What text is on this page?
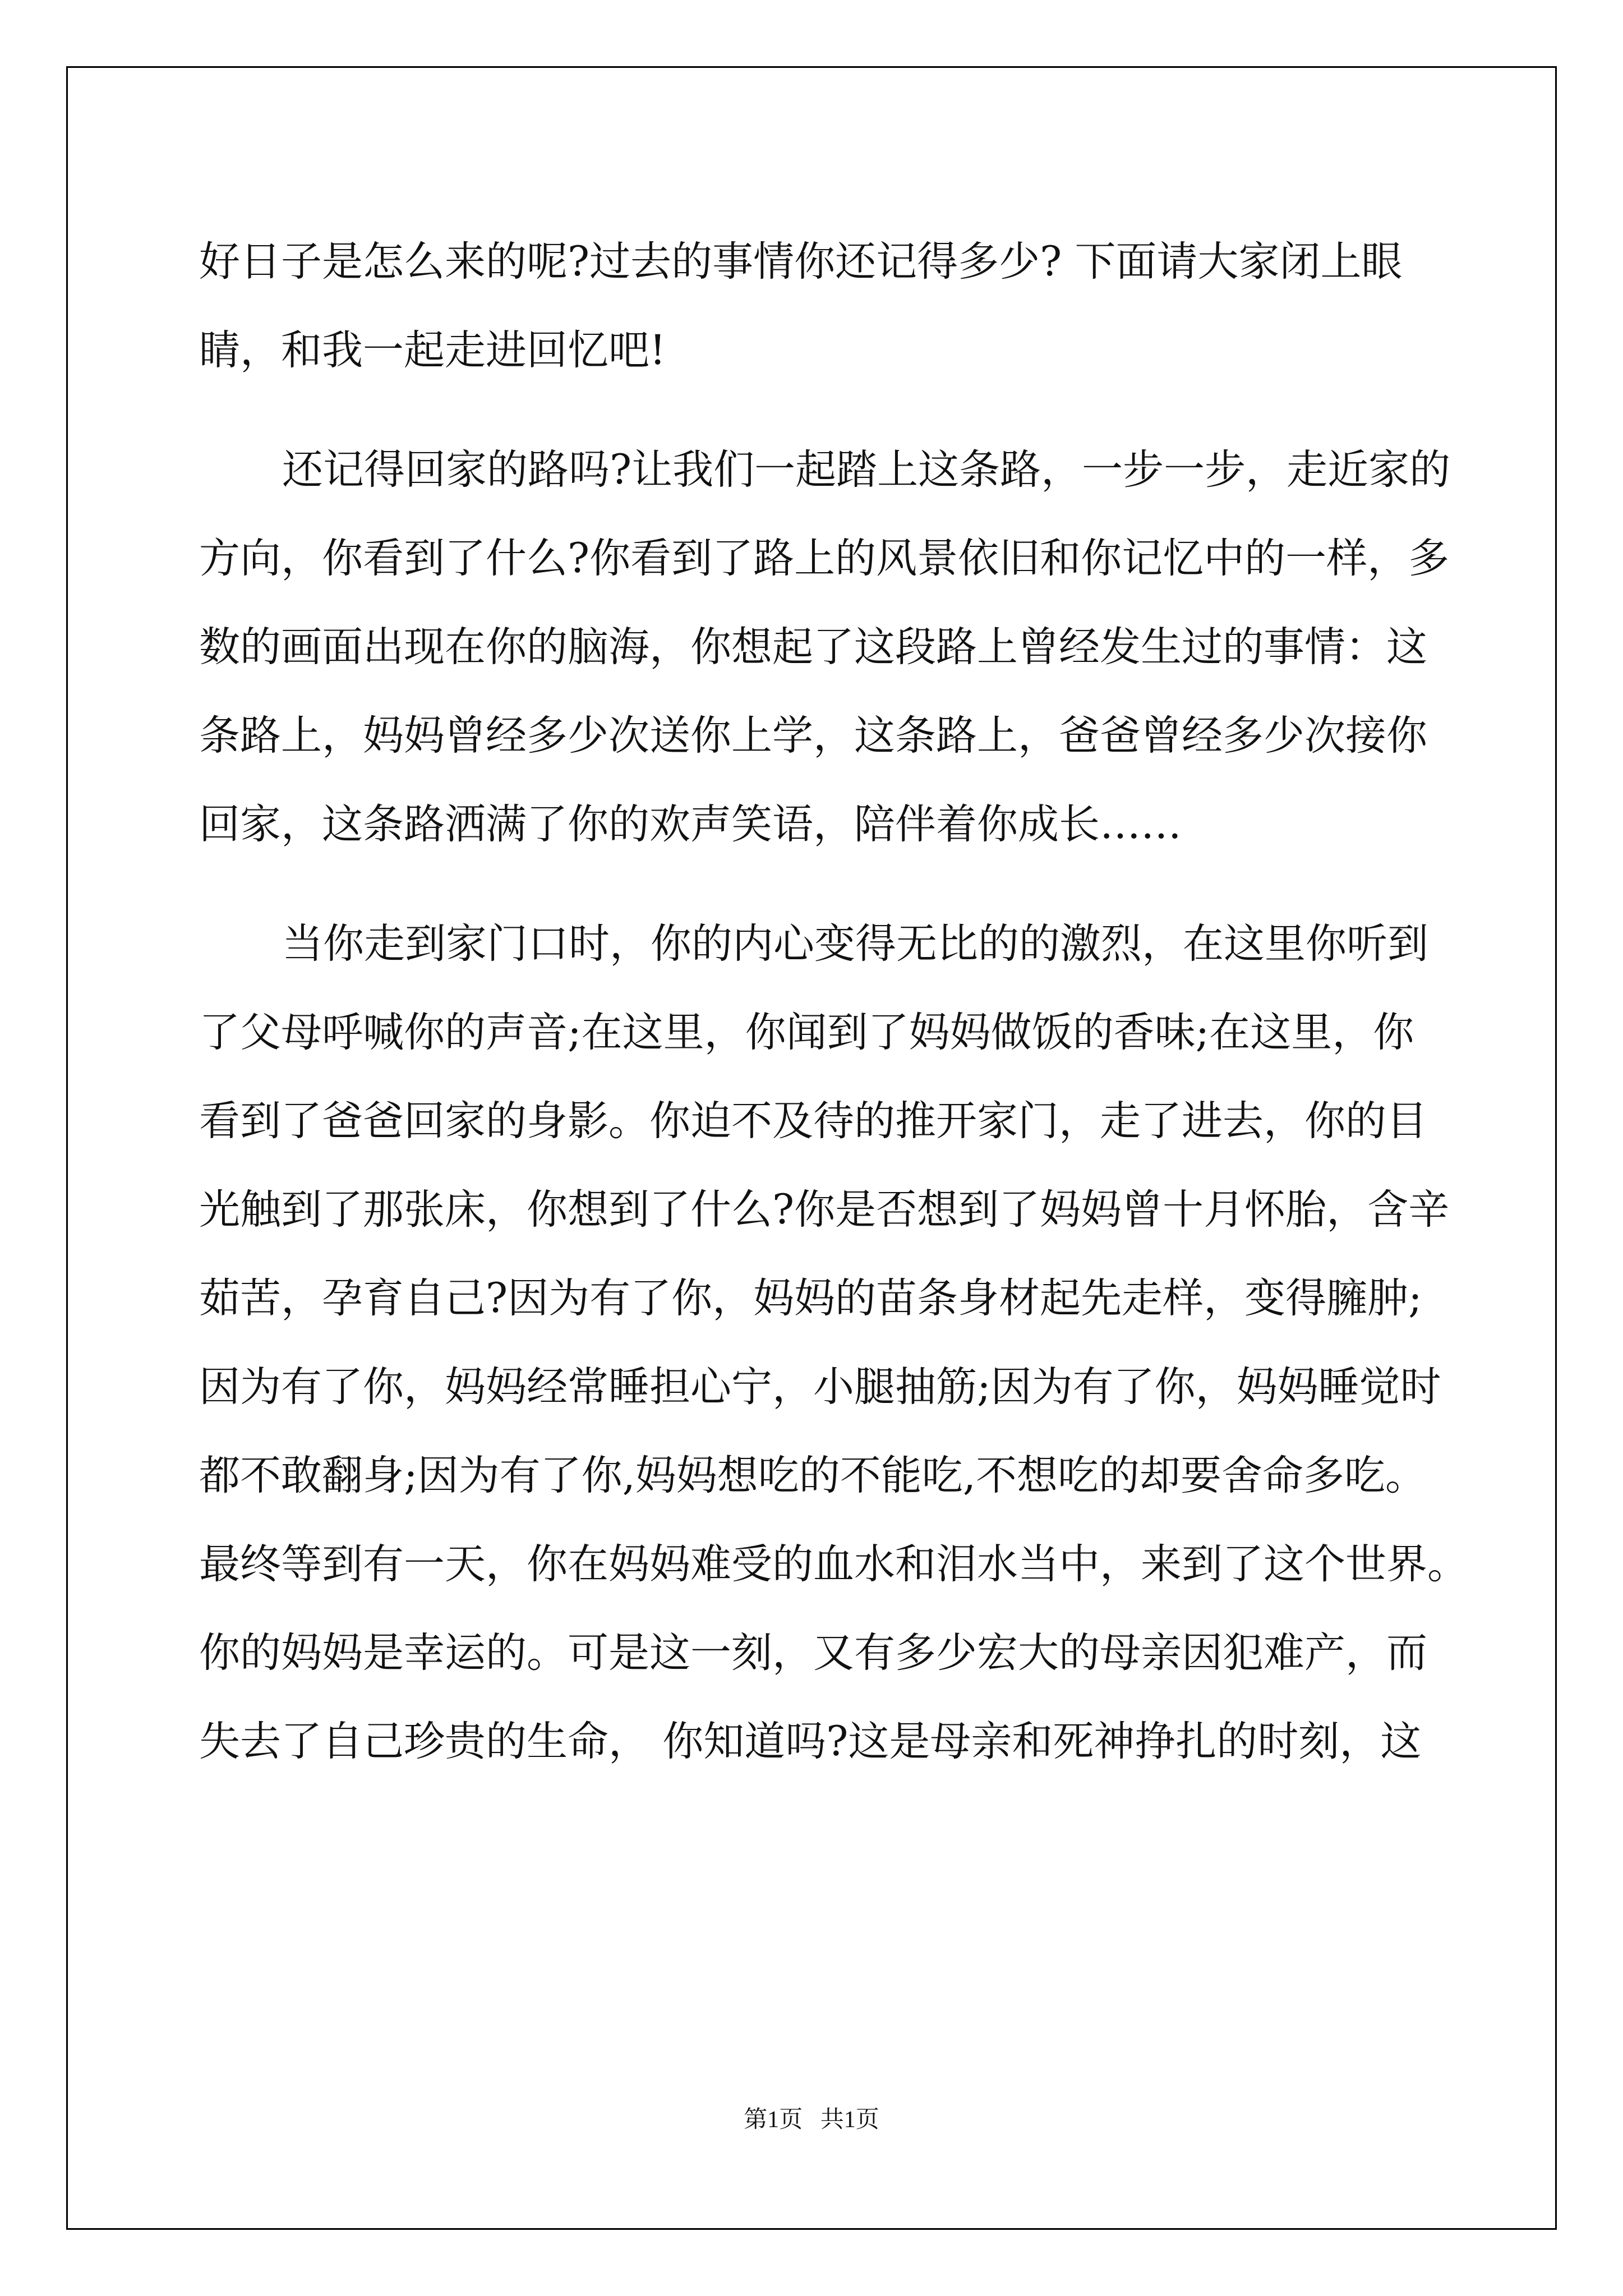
好日子是怎么来的呢?过去的事情你还记得多少? 下面请大家闭上眼
睛，和我一起走进回忆吧!
还记得回家的路吗?让我们一起踏上这条路，一步一步，走近家的
方向，你看到了什么?你看到了路上的风景依旧和你记忆中的一样，多
数的画面出现在你的脑海，你想起了这段路上曾经发生过的事情：这
条路上，妈妈曾经多少次送你上学，这条路上，爸爸曾经多少次接你
回家，这条路洒满了你的欢声笑语，陪伴着你成长……
当你走到家门口时，你的内心变得无比的的激烈，在这里你听到
了父母呼喊你的声音;在这里，你闻到了妈妈做饭的香味;在这里，你
看到了爸爸回家的身影。你迫不及待的推开家门，走了进去，你的目
光触到了那张床，你想到了什么?你是否想到了妈妈曾十月怀胎，含辛
茹苦，孕育自己?因为有了你，妈妈的苗条身材起先走样，变得臃肿;
因为有了你，妈妈经常睡担心宁，小腿抽筋;因为有了你，妈妈睡觉时
都不敢翻身;因为有了你,妈妈想吃的不能吃,不想吃的却要舍命多吃。
最终等到有一天，你在妈妈难受的血水和泪水当中，来到了这个世界。
你的妈妈是幸运的。可是这一刻，又有多少宏大的母亲因犯难产，而
失去了自己珍贵的生命， 你知道吗?这是母亲和死神挣扎的时刻，这
第1页   共1页
